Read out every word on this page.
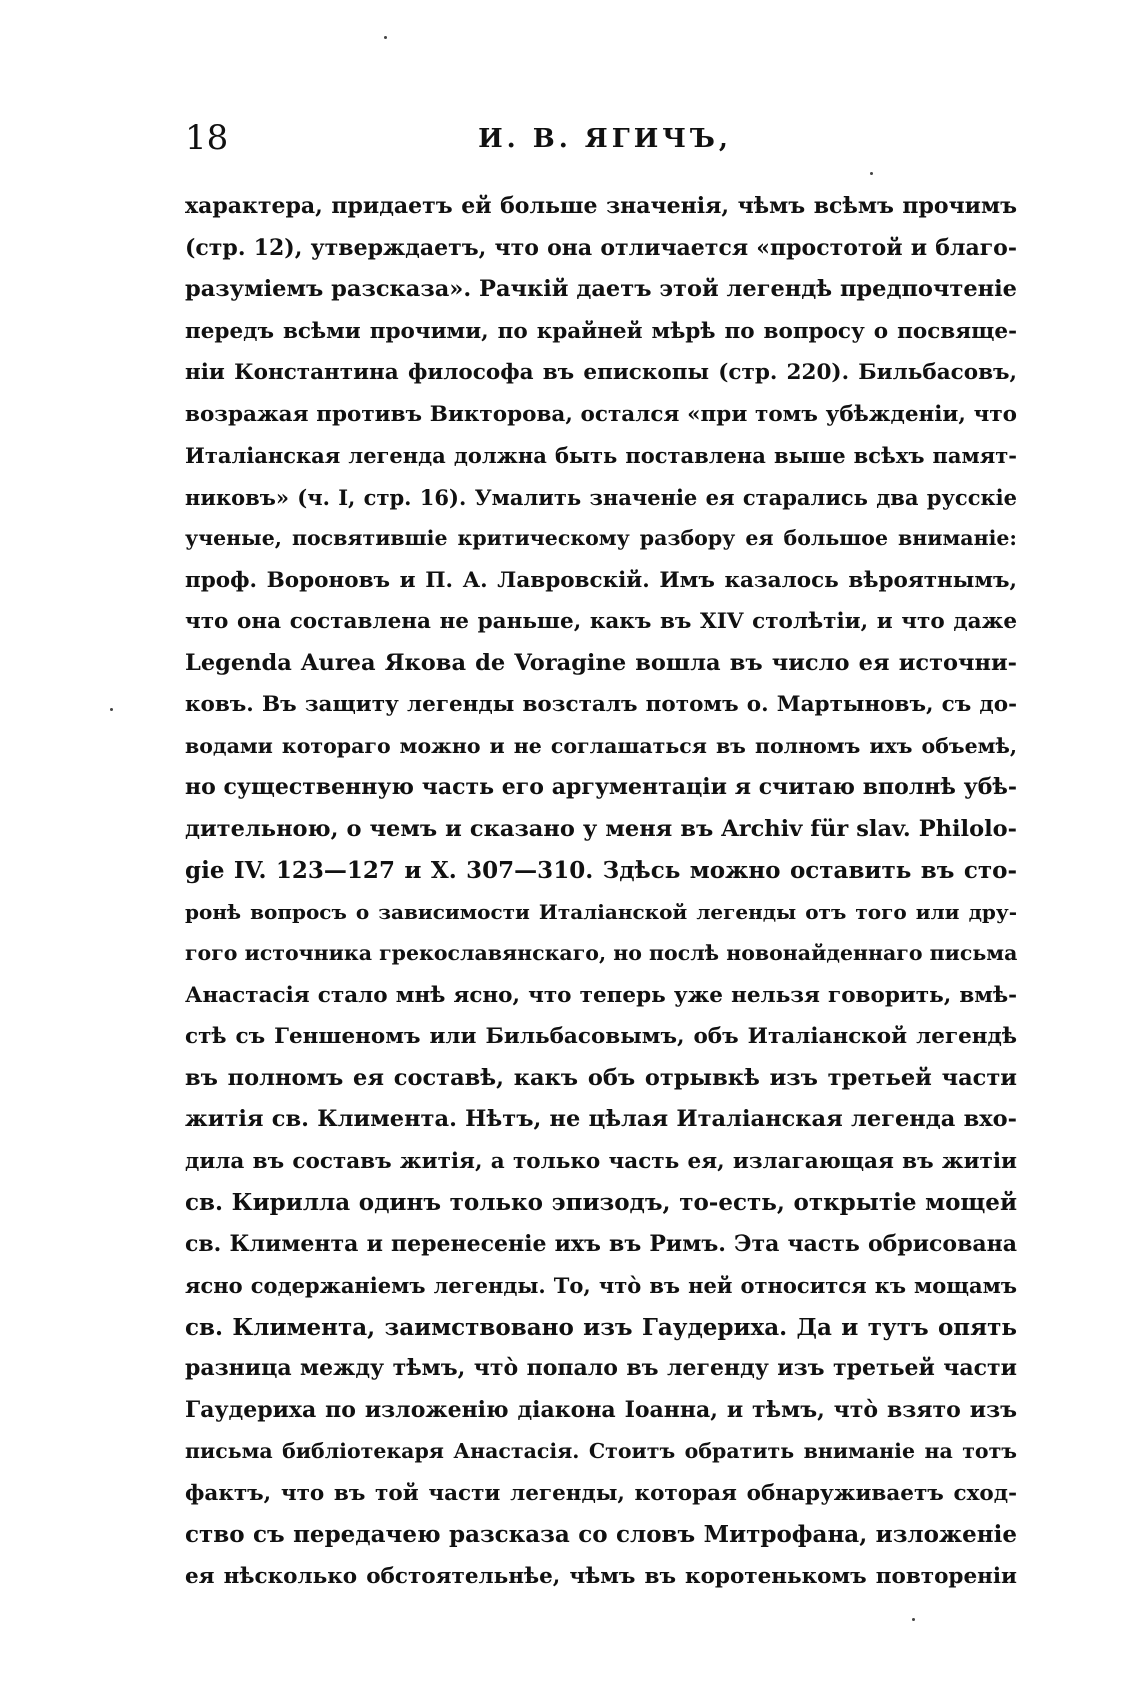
18	И. В. ЯГИЧЪ,
характера, придаетъ ей больше значенія, чѣмъ всѣмъ прочимъ
(стр. 12), утверждаетъ, что она отличается «простотой и благо-
разуміемъ разсказа». Рачкій даетъ этой легендѣ предпочтеніе
передъ всѣми прочими, по крайней мѣрѣ по вопросу о посвяще-
ніи Константина философа въ епископы (стр. 220). Бильбасовъ,
возражая противъ Викторова, остался «при томъ убѣжденіи, что
Италіанская легенда должна быть поставлена выше всѣхъ памят-
никовъ» (ч. I, стр. 16). Умалить значеніе ея старались два русскіе
ученые, посвятившіе критическому разбору ея большое вниманіе:
проф. Вороновъ и П. А. Лавровскій. Имъ казалось вѣроятнымъ,
что она составлена не раньше, какъ въ XIV столѣтіи, и что даже
Legenda Aurea Якова de Voragine вошла въ число ея источни-
ковъ. Въ защиту легенды возсталъ потомъ о. Мартыновъ, съ до-
водами котораго можно и не соглашаться въ полномъ ихъ объемѣ,
но существенную часть его аргументаціи я считаю вполнѣ убѣ-
дительною, о чемъ и сказано у меня въ Archiv für slav. Philolo-
gie IV. 123—127 и X. 307—310. Здѣсь можно оставить въ сто-
ронѣ вопросъ о зависимости Италіанской легенды отъ того или дру-
гого источника грекославянскаго, но послѣ новонайденнаго письма
Анастасія стало мнѣ ясно, что теперь уже нельзя говорить, вмѣ-
стѣ съ Геншеномъ или Бильбасовымъ, объ Италіанской легендѣ
въ полномъ ея составѣ, какъ объ отрывкѣ изъ третьей части
житія св. Климента. Нѣтъ, не цѣлая Италіанская легенда вхо-
дила въ составъ житія, а только часть ея, излагающая въ житіи
св. Кирилла одинъ только эпизодъ, то-есть, открытіе мощей
св. Климента и перенесеніе ихъ въ Римъ. Эта часть обрисована
ясно содержаніемъ легенды. То, что̀ въ ней относится къ мощамъ
св. Климента, заимствовано изъ Гаудериха. Да и тутъ опять
разница между тѣмъ, что̀ попало въ легенду изъ третьей части
Гаудериха по изложенію діакона Іоанна, и тѣмъ, что̀ взято изъ
письма библіотекаря Анастасія. Стоитъ обратить вниманіе на тотъ
фактъ, что въ той части легенды, которая обнаруживаетъ сход-
ство съ передачею разсказа со словъ Митрофана, изложеніе
ея нѣсколько обстоятельнѣе, чѣмъ въ коротенькомъ повтореніи
